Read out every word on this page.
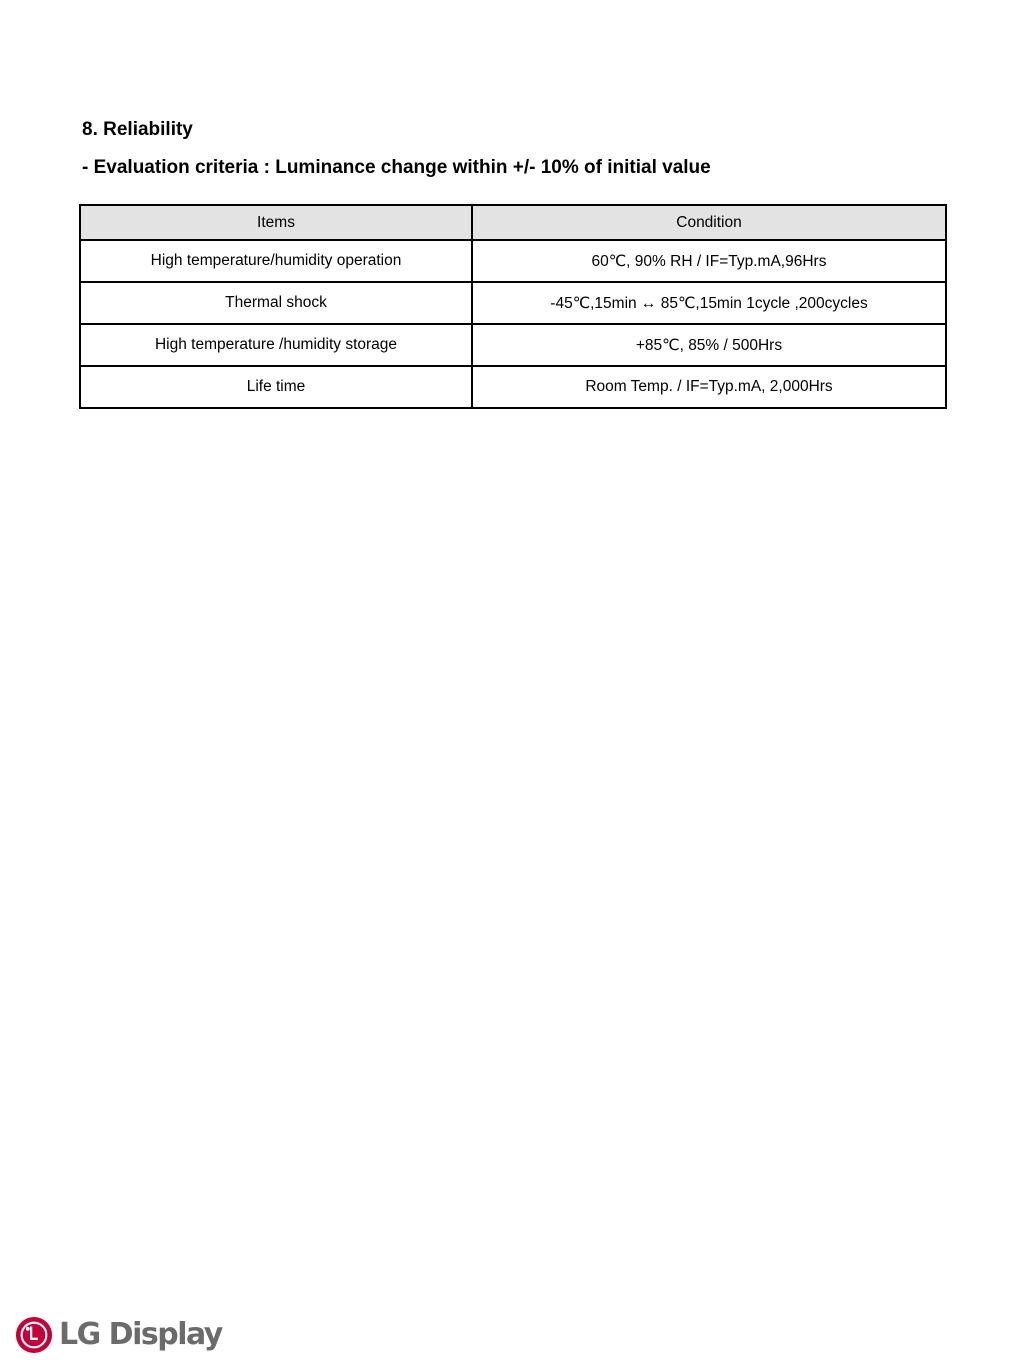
8. Reliability

- Evaluation criteria : Luminance change within +/- 10% of initial value

Items	Condition
High temperature/humidity operation	60℃, 90% RH / IF=Typ.mA,96Hrs
Thermal shock	-45℃,15min ↔ 85℃,15min 1cycle ,200cycles
High temperature /humidity storage	+85℃, 85% / 500Hrs
Life time	Room Temp. / IF=Typ.mA, 2,000Hrs
LG Display
